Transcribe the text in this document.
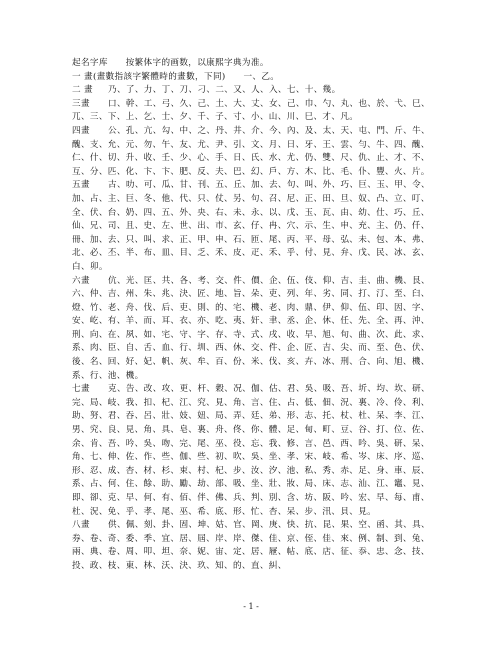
起名字库　　按繁体字的画数，以康熙字典为准。
一 畫(畫數指該字繁體時的畫數，下同)　　一、乙。
二 畫 乃、了、力、丁、刀、刁、二、又、人、入、七、十、幾。
三畫 口、幹、工、弓、久、己、土、大、丈、女、己、巾、勺、丸、也、於、弋、巳、兀、三、下、上、乞、士、夕、千、子、寸、小、山、川、巳、才、凡。
四畫 公、孔、亢、勾、中、之、丹、井、介、今、內、及、太、天、屯、門、斤、牛、醜、支、允、元、勿、午、友、尤、尹、引、文、月、日、牙、王、雲、勻、牛、四、醜、仁、什、切、升、收、壬、少、心、手、日、氏、水、尤、仍、雙、尺、仇、止、才、不、互、分、匹、化、卞、卞、肥、反、夫、巴、幻、戶、方、木、比、毛、仆、豐、火、片。
五畫 古、叻、可、瓜、甘、刊、五、丘、加、去、句、叫、外、巧、巨、玉、甲、令、加、占、主、巨、冬、他、代、只、仗、另、句、召、尼、正、田、旦、奴、凸、立、叮、全、伏、台、奶、四、五、外、央、右、未、永、以、戊、玉、瓦、由、幼、仕、巧、丘、仙、兄、司、且、史、左、世、出、市、玄、仔、冉、穴、示、生、申、充、主、仍、仟、冊、加、去、只、叫、求、正、甲、申、石、匝、尾、丙、平、母、弘、未、包、本、弗、北、必、丕、半、布、皿、目、乏、禾、皮、疋、禾、乎、付、見、弁、戊、民、冰、玄、白、卯。
六畫 伉、光、匡、共、各、考、交、件、價、企、伍、伎、仰、吉、圭、曲、機、艮、六、仲、吉、州、朱、兆、決、匠、地、旨、朵、吏、列、年、劣、同、打、汀、至、臼、燈、竹、老、舟、伐、后、吏、則、的、宅、機、老、肉、鼎、伊、仰、伍、印、因、字、安、屹、有、羊、而、耳、衣、亦、吃、夷、奸、聿、丞、企、休、任、先、全、再、沖、刑、向、在、夙、如、宅、守、字、存、寺、式、戌、收、早、旭、旬、曲、次、此、求、系、肉、臣、自、舌、血、行、圳、西、休、交、件、企、匠、吉、尖、而、至、色、伏、後、名、回、好、妃、帆、灰、牟、百、份、米、伐、亥、卉、冰、刑、合、向、旭、機、系、行、池、機。
七畫 克、告、改、攻、更、杆、穀、况、伽、估、君、吳、吸、吾、圻、均、坎、研、完、局、岐、我、扣、杞、江、究、見、角、言、住、占、低、佃、況、裏、冷、伶、利、助、努、君、吞、呂、壯、妓、妞、局、弄、廷、弟、形、志、托、杖、杜、呆、李、江、男、究、良、見、角、具、皂、裏、舟、佟、你、體、足、甸、町、豆、谷、打、位、佐、余、肯、吾、吟、吳、吻、完、尾、巫、役、忘、我、修、言、邑、西、吟、吳、研、呆、角、七、伸、佐、作、些、伽、些、初、吹、吳、坐、孝、宋、岐、希、岑、床、序、巡、形、忍、成、杏、材、杉、束、村、杞、步、汝、汐、池、私、秀、赤、足、身、車、辰、系、占、何、住、餘、助、勵、劫、部、吸、坐、壯、妝、局、床、志、汕、江、竈、見、即、卻、克、早、何、有、佰、伴、佛、兵、判、別、含、坊、阪、吟、宏、早、每、甫、杜、況、免、乎、孝、尾、巫、希、底、形、忙、杏、呆、步、汛、貝、見。
八畫 供、佩、刻、卦、固、坤、姑、官、岡、庚、快、抗、昆、果、空、函、其、具、券、卷、奇、委、季、宜、居、屆、岸、岸、傑、佳、京、侄、佳、來、例、制、到、兔、兩、典、卷、周、叩、坦、奈、妮、宙、定、居、屜、帖、底、店、征、忝、忠、念、技、投、政、枝、東、林、沃、決、玖、知、的、直、糾、
- 1 -
